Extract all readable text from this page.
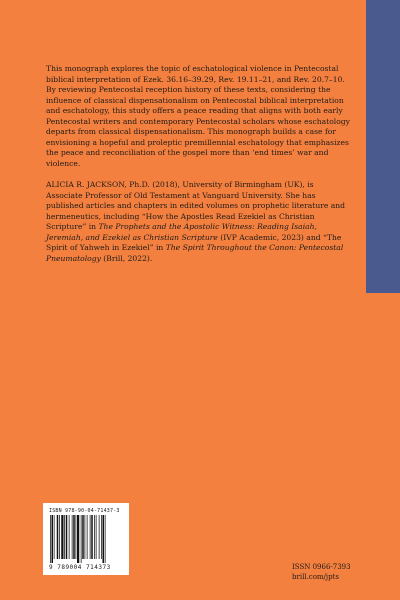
This monograph explores the topic of eschatological violence in Pentecostal biblical interpretation of Ezek. 36.16–39.29, Rev. 19.11–21, and Rev. 20.7–10. By reviewing Pentecostal reception history of these texts, considering the influence of classical dispensationalism on Pentecostal biblical interpretation and eschatology, this study offers a peace reading that aligns with both early Pentecostal writers and contemporary Pentecostal scholars whose eschatology departs from classical dispensationalism. This monograph builds a case for envisioning a hopeful and proleptic premillennial eschatology that emphasizes the peace and reconciliation of the gospel more than ‘end times’ war and violence.

ALICIA R. JACKSON, Ph.D. (2018), University of Birmingham (UK), is Associate Professor of Old Testament at Vanguard University. She has published articles and chapters in edited volumes on prophetic literature and hermeneutics, including “How the Apostles Read Ezekiel as Christian Scripture” in The Prophets and the Apostolic Witness: Reading Isaiah, Jeremiah, and Ezekiel as Christian Scripture (IVP Academic, 2023) and “The Spirit of Yahweh in Ezekiel” in The Spirit Throughout the Canon: Pentecostal Pneumatology (Brill, 2022).

ISBN 978-90-04-71437-3
9 789004 714373	ISSN 0966-7393
brill.com/jpts
